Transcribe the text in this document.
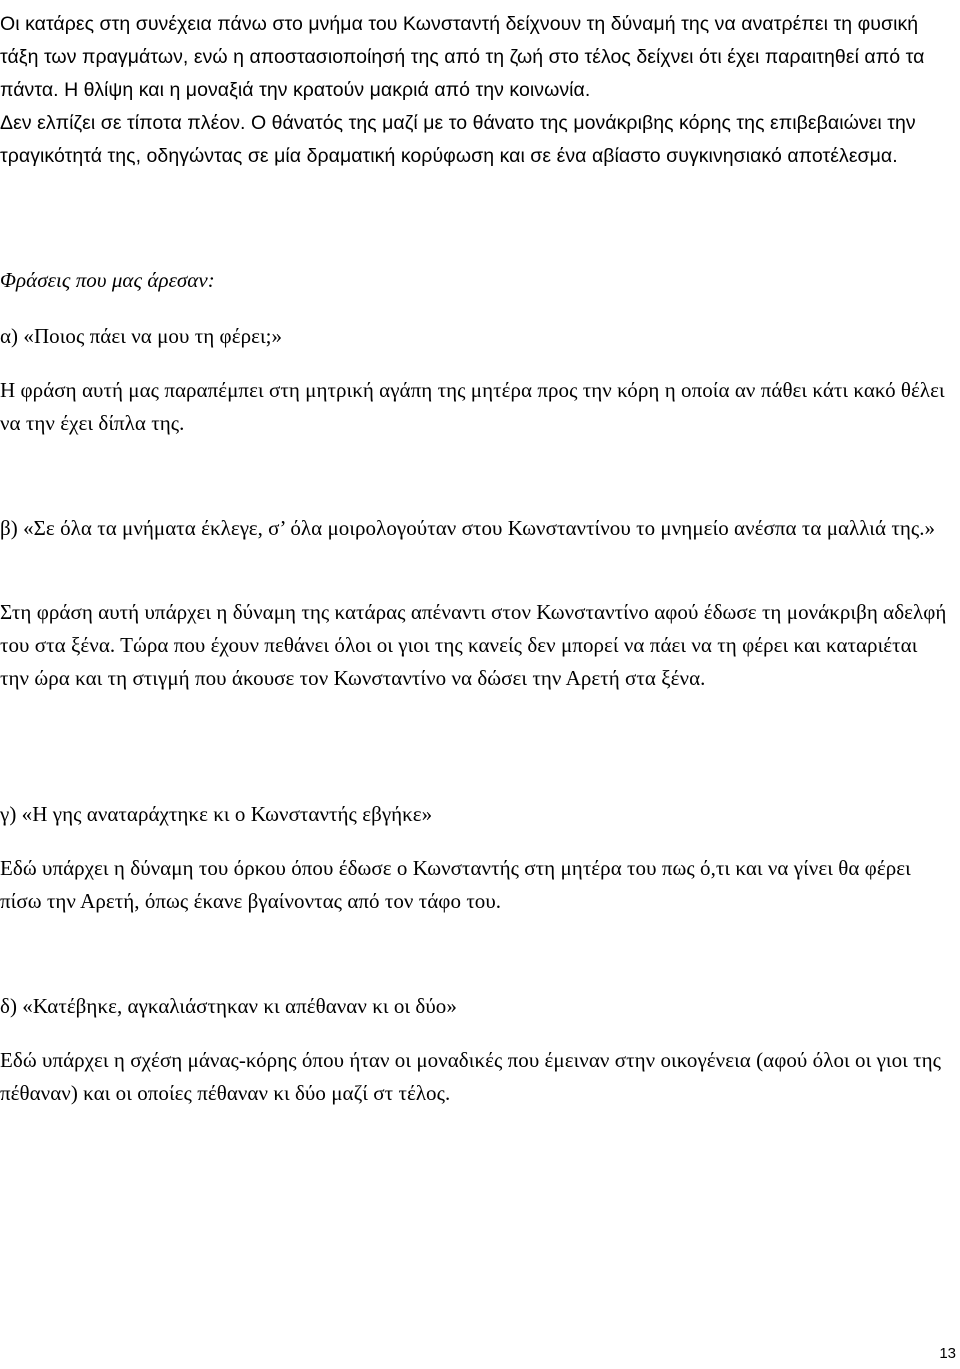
Οι κατάρες στη συνέχεια πάνω στο μνήμα του Κωνσταντή δείχνουν τη δύναμή της να ανατρέπει τη φυσική τάξη των πραγμάτων, ενώ η αποστασιοποίησή της από τη ζωή στο τέλος δείχνει ότι έχει παραιτηθεί από τα πάντα. Η θλίψη και η μοναξιά την κρατούν μακριά από την κοινωνία.
Δεν ελπίζει σε τίποτα πλέον. Ο θάνατός της μαζί με το θάνατο της μονάκριβης κόρης της επιβεβαιώνει την τραγικότητά της, οδηγώντας σε μία δραματική κορύφωση και σε ένα αβίαστο συγκινησιακό αποτέλεσμα.

Φράσεις που μας άρεσαν:

α) «Ποιος πάει να μου τη φέρει;»

Η φράση αυτή μας παραπέμπει στη μητρική αγάπη της μητέρα προς την κόρη η οποία αν πάθει κάτι κακό θέλει να την έχει δίπλα της.

β) «Σε όλα τα μνήματα έκλεγε, σ’ όλα μοιρολογούταν στου Κωνσταντίνου το μνημείο ανέσπα τα μαλλιά της.»

Στη φράση αυτή υπάρχει η δύναμη της κατάρας απέναντι στον Κωνσταντίνο αφού έδωσε τη μονάκριβη αδελφή του στα ξένα. Τώρα που έχουν πεθάνει όλοι οι γιοι της κανείς δεν μπορεί να πάει να τη φέρει και καταριέται την ώρα και τη στιγμή που άκουσε τον Κωνσταντίνο να δώσει την Αρετή στα ξένα.

γ) «Η γης αναταράχτηκε κι ο Κωνσταντής εβγήκε»

Εδώ υπάρχει η δύναμη του όρκου όπου έδωσε ο Κωνσταντής στη μητέρα του πως ό,τι και να γίνει θα φέρει πίσω την Αρετή, όπως έκανε βγαίνοντας από τον τάφο του.

δ) «Κατέβηκε, αγκαλιάστηκαν κι απέθαναν κι οι δύο»

Εδώ υπάρχει η σχέση μάνας-κόρης όπου ήταν οι μοναδικές που έμειναν στην οικογένεια (αφού όλοι οι γιοι της πέθαναν) και οι οποίες πέθαναν κι δύο μαζί στ τέλος.

13
